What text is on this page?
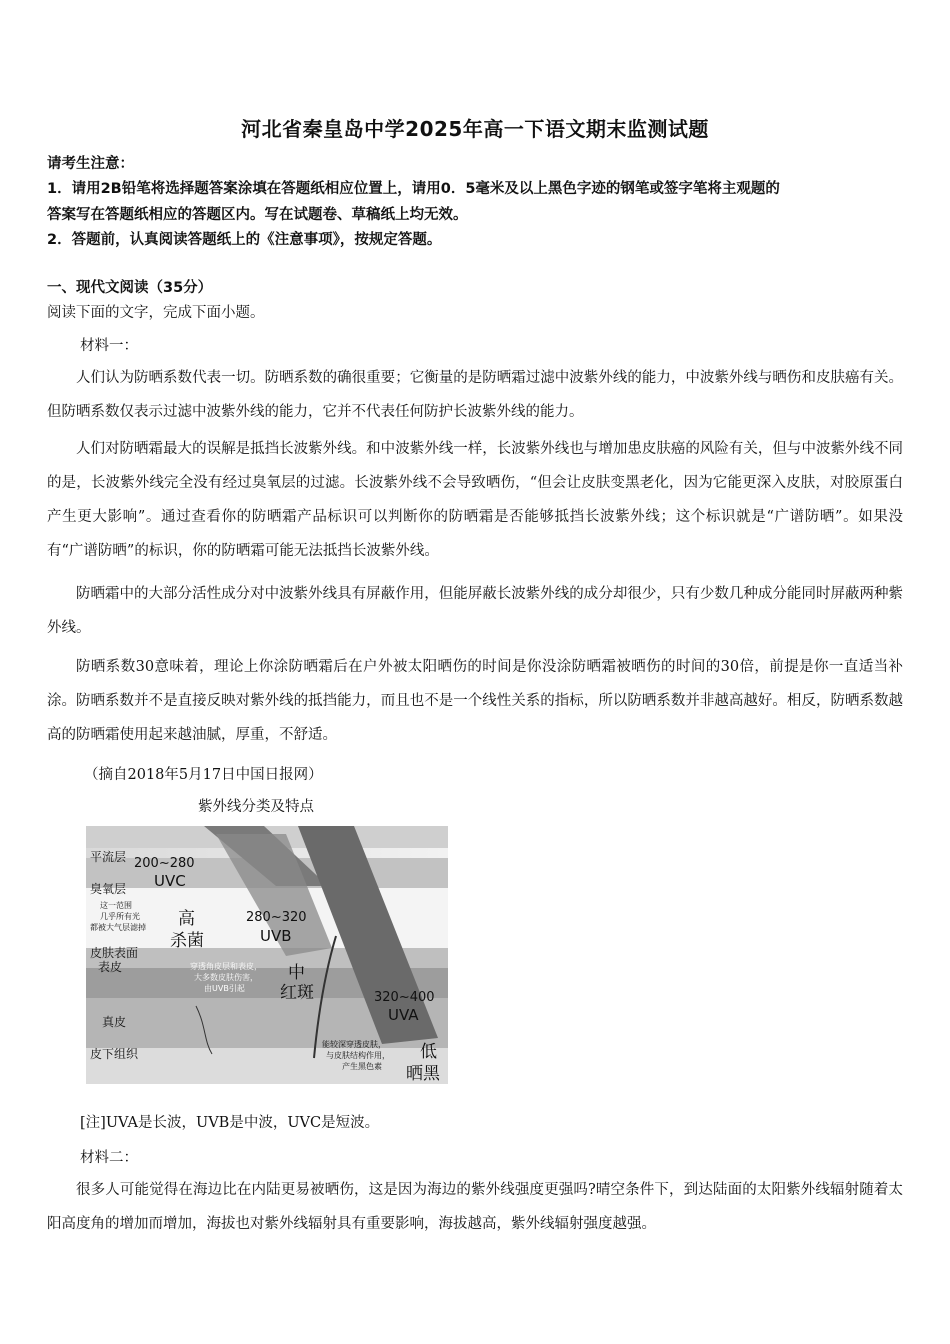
河北省秦皇岛中学2025年高一下语文期末监测试题
请考生注意：
1．请用2B铅笔将选择题答案涂填在答题纸相应位置上，请用0．5毫米及以上黑色字迹的钢笔或签字笔将主观题的
答案写在答题纸相应的答题区内。写在试题卷、草稿纸上均无效。
2．答题前，认真阅读答题纸上的《注意事项》，按规定答题。
一、现代文阅读（35分）
阅读下面的文字，完成下面小题。
材料一：
人们认为防晒系数代表一切。防晒系数的确很重要；它衡量的是防晒霜过滤中波紫外线的能力，中波紫外线与晒伤和皮肤癌有关。但防晒系数仅表示过滤中波紫外线的能力，它并不代表任何防护长波紫外线的能力。
人们对防晒霜最大的误解是抵挡长波紫外线。和中波紫外线一样，长波紫外线也与增加患皮肤癌的风险有关，但与中波紫外线不同的是，长波紫外线完全没有经过臭氧层的过滤。长波紫外线不会导致晒伤，“但会让皮肤变黑老化，因为它能更深入皮肤，对胶原蛋白产生更大影响”。通过查看你的防晒霜产品标识可以判断你的防晒霜是否能够抵挡长波紫外线；这个标识就是“广谱防晒”。如果没有“广谱防晒”的标识，你的防晒霜可能无法抵挡长波紫外线。
防晒霜中的大部分活性成分对中波紫外线具有屏蔽作用，但能屏蔽长波紫外线的成分却很少，只有少数几种成分能同时屏蔽两种紫外线。
防晒系数30意味着，理论上你涂防晒霜后在户外被太阳晒伤的时间是你没涂防晒霜被晒伤的时间的30倍，前提是你一直适当补涂。防晒系数并不是直接反映对紫外线的抵挡能力，而且也不是一个线性关系的指标，所以防晒系数并非越高越好。相反，防晒系数越高的防晒霜使用起来越油腻，厚重，不舒适。
（摘自2018年5月17日中国日报网）
紫外线分类及特点
平流层
臭氧层
皮肤表面
表皮
真皮
皮下组织
200~280
UVC
这一范围
几乎所有光
都被大气层滤掉 高
杀菌
280~320
UVB
穿透角皮层和表皮，
大多数皮肤伤害，
由UVB引起
中
红斑	320~400
UVA
能较深穿透皮肤，
与皮肤结构作用，
产生黑色素
低
晒黑
[注]UVA是长波，UVB是中波，UVC是短波。
材料二：
很多人可能觉得在海边比在内陆更易被晒伤，这是因为海边的紫外线强度更强吗?晴空条件下，到达陆面的太阳紫外线辐射随着太阳高度角的增加而增加，海拔也对紫外线辐射具有重要影响，海拔越高，紫外线辐射强度越强。
